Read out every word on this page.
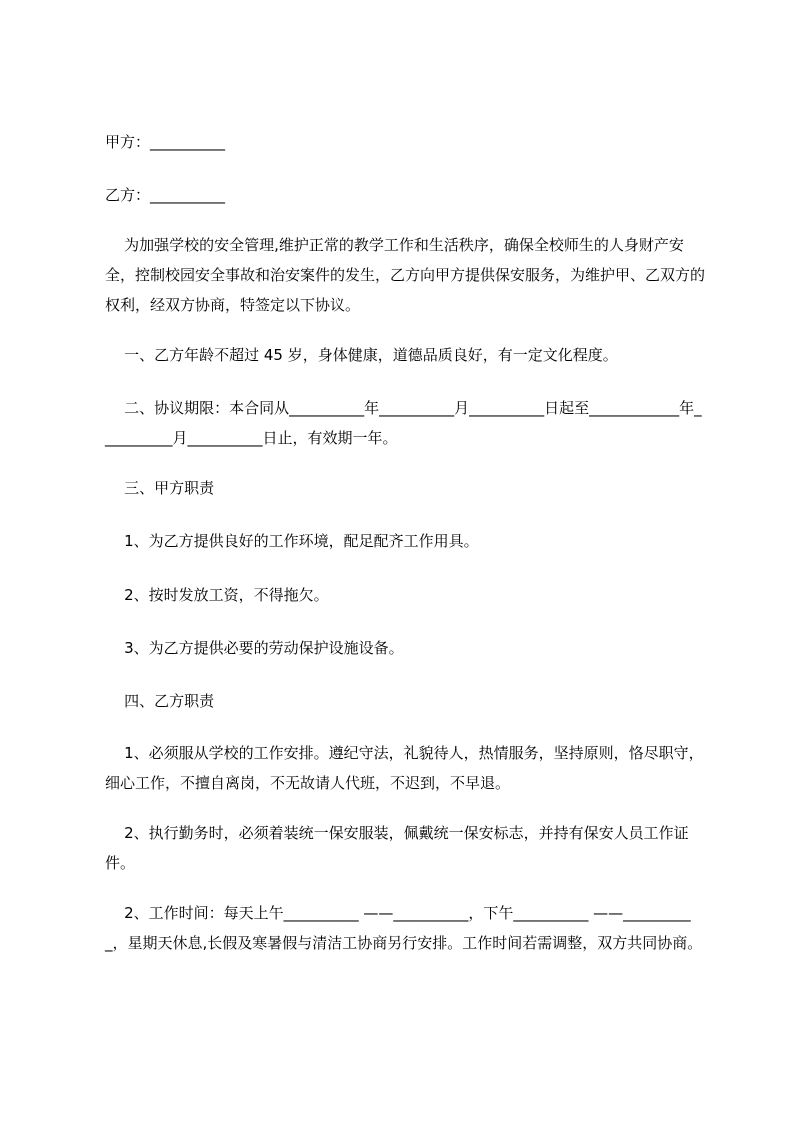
甲方：__________

乙方：__________

为加强学校的安全管理,维护正常的教学工作和生活秩序，确保全校师生的人身财产安全，控制校园安全事故和治安案件的发生，乙方向甲方提供保安服务，为维护甲、乙双方的权利，经双方协商，特签定以下协议。

一、乙方年龄不超过 45 岁，身体健康，道德品质良好，有一定文化程度。

二、协议期限：本合同从__________年__________月__________日起至____________年__________月__________日止，有效期一年。

三、甲方职责

1、为乙方提供良好的工作环境，配足配齐工作用具。

2、按时发放工资，不得拖欠。

3、为乙方提供必要的劳动保护设施设备。

四、乙方职责

1、必须服从学校的工作安排。遵纪守法，礼貌待人，热情服务，坚持原则，恪尽职守，细心工作，不擅自离岗，不无故请人代班，不迟到，不早退。

2、执行勤务时，必须着装统一保安服装，佩戴统一保安标志，并持有保安人员工作证件。

2、工作时间：每天上午__________ ——__________，下午__________ ——__________，星期天休息,长假及寒暑假与清洁工协商另行安排。工作时间若需调整，双方共同协商。
